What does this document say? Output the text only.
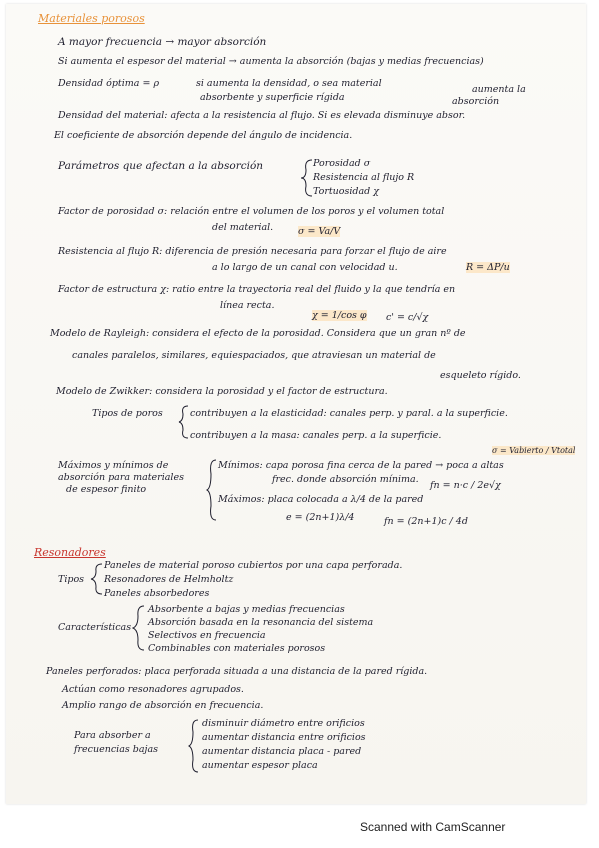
Materiales porosos
A mayor frecuencia → mayor absorción
Si aumenta el espesor del material → aumenta la absorción (bajas y medias frecuencias)
Densidad óptima = ρ	si aumenta la densidad, o sea material
absorbente y superficie rígida
aumenta la
absorción
Densidad del material: afecta a la resistencia al flujo. Si es elevada disminuye absor.
El coeficiente de absorción depende del ángulo de incidencia.
Parámetros que afectan a la absorción	Porosidad σ
Resistencia al flujo R
Tortuosidad χ
Factor de porosidad σ: relación entre el volumen de los poros y el volumen total
del material.	σ = Va/V
Resistencia al flujo R: diferencia de presión necesaria para forzar el flujo de aire
a lo largo de un canal con velocidad u.	R = ΔP/u
Factor de estructura χ: ratio entre la trayectoria real del fluido y la que tendría en
línea recta.
χ = 1/cos φ c' = c/√χ
Modelo de Rayleigh: considera el efecto de la porosidad. Considera que un gran nº de
canales paralelos, similares, equiespaciados, que atraviesan un material de
esqueleto rígido.
Modelo de Zwikker: considera la porosidad y el factor de estructura.
Tipos de poros	contribuyen a la elasticidad: canales perp. y paral. a la superficie.
contribuyen a la masa: canales perp. a la superficie.
σ = Vabierto / Vtotal
Máximos y mínimos de
absorción para materiales
de espesor finito
Mínimos: capa porosa fina cerca de la pared → poca a altas
frec. donde absorción mínima.
fn = n·c / 2e√χ
Máximos: placa colocada a λ/4 de la pared
e = (2n+1)λ/4	fn = (2n+1)c / 4d
Resonadores
Tipos
Paneles de material poroso cubiertos por una capa perforada.
Resonadores de Helmholtz
Paneles absorbedores
Características
Absorbente a bajas y medias frecuencias
Absorción basada en la resonancia del sistema
Selectivos en frecuencia
Combinables con materiales porosos
Paneles perforados: placa perforada situada a una distancia de la pared rígida.
Actúan como resonadores agrupados.
Amplio rango de absorción en frecuencia.
Para absorber a
frecuencias bajas
disminuir diámetro entre orificios
aumentar distancia entre orificios
aumentar distancia placa - pared
aumentar espesor placa
Scanned with CamScanner
